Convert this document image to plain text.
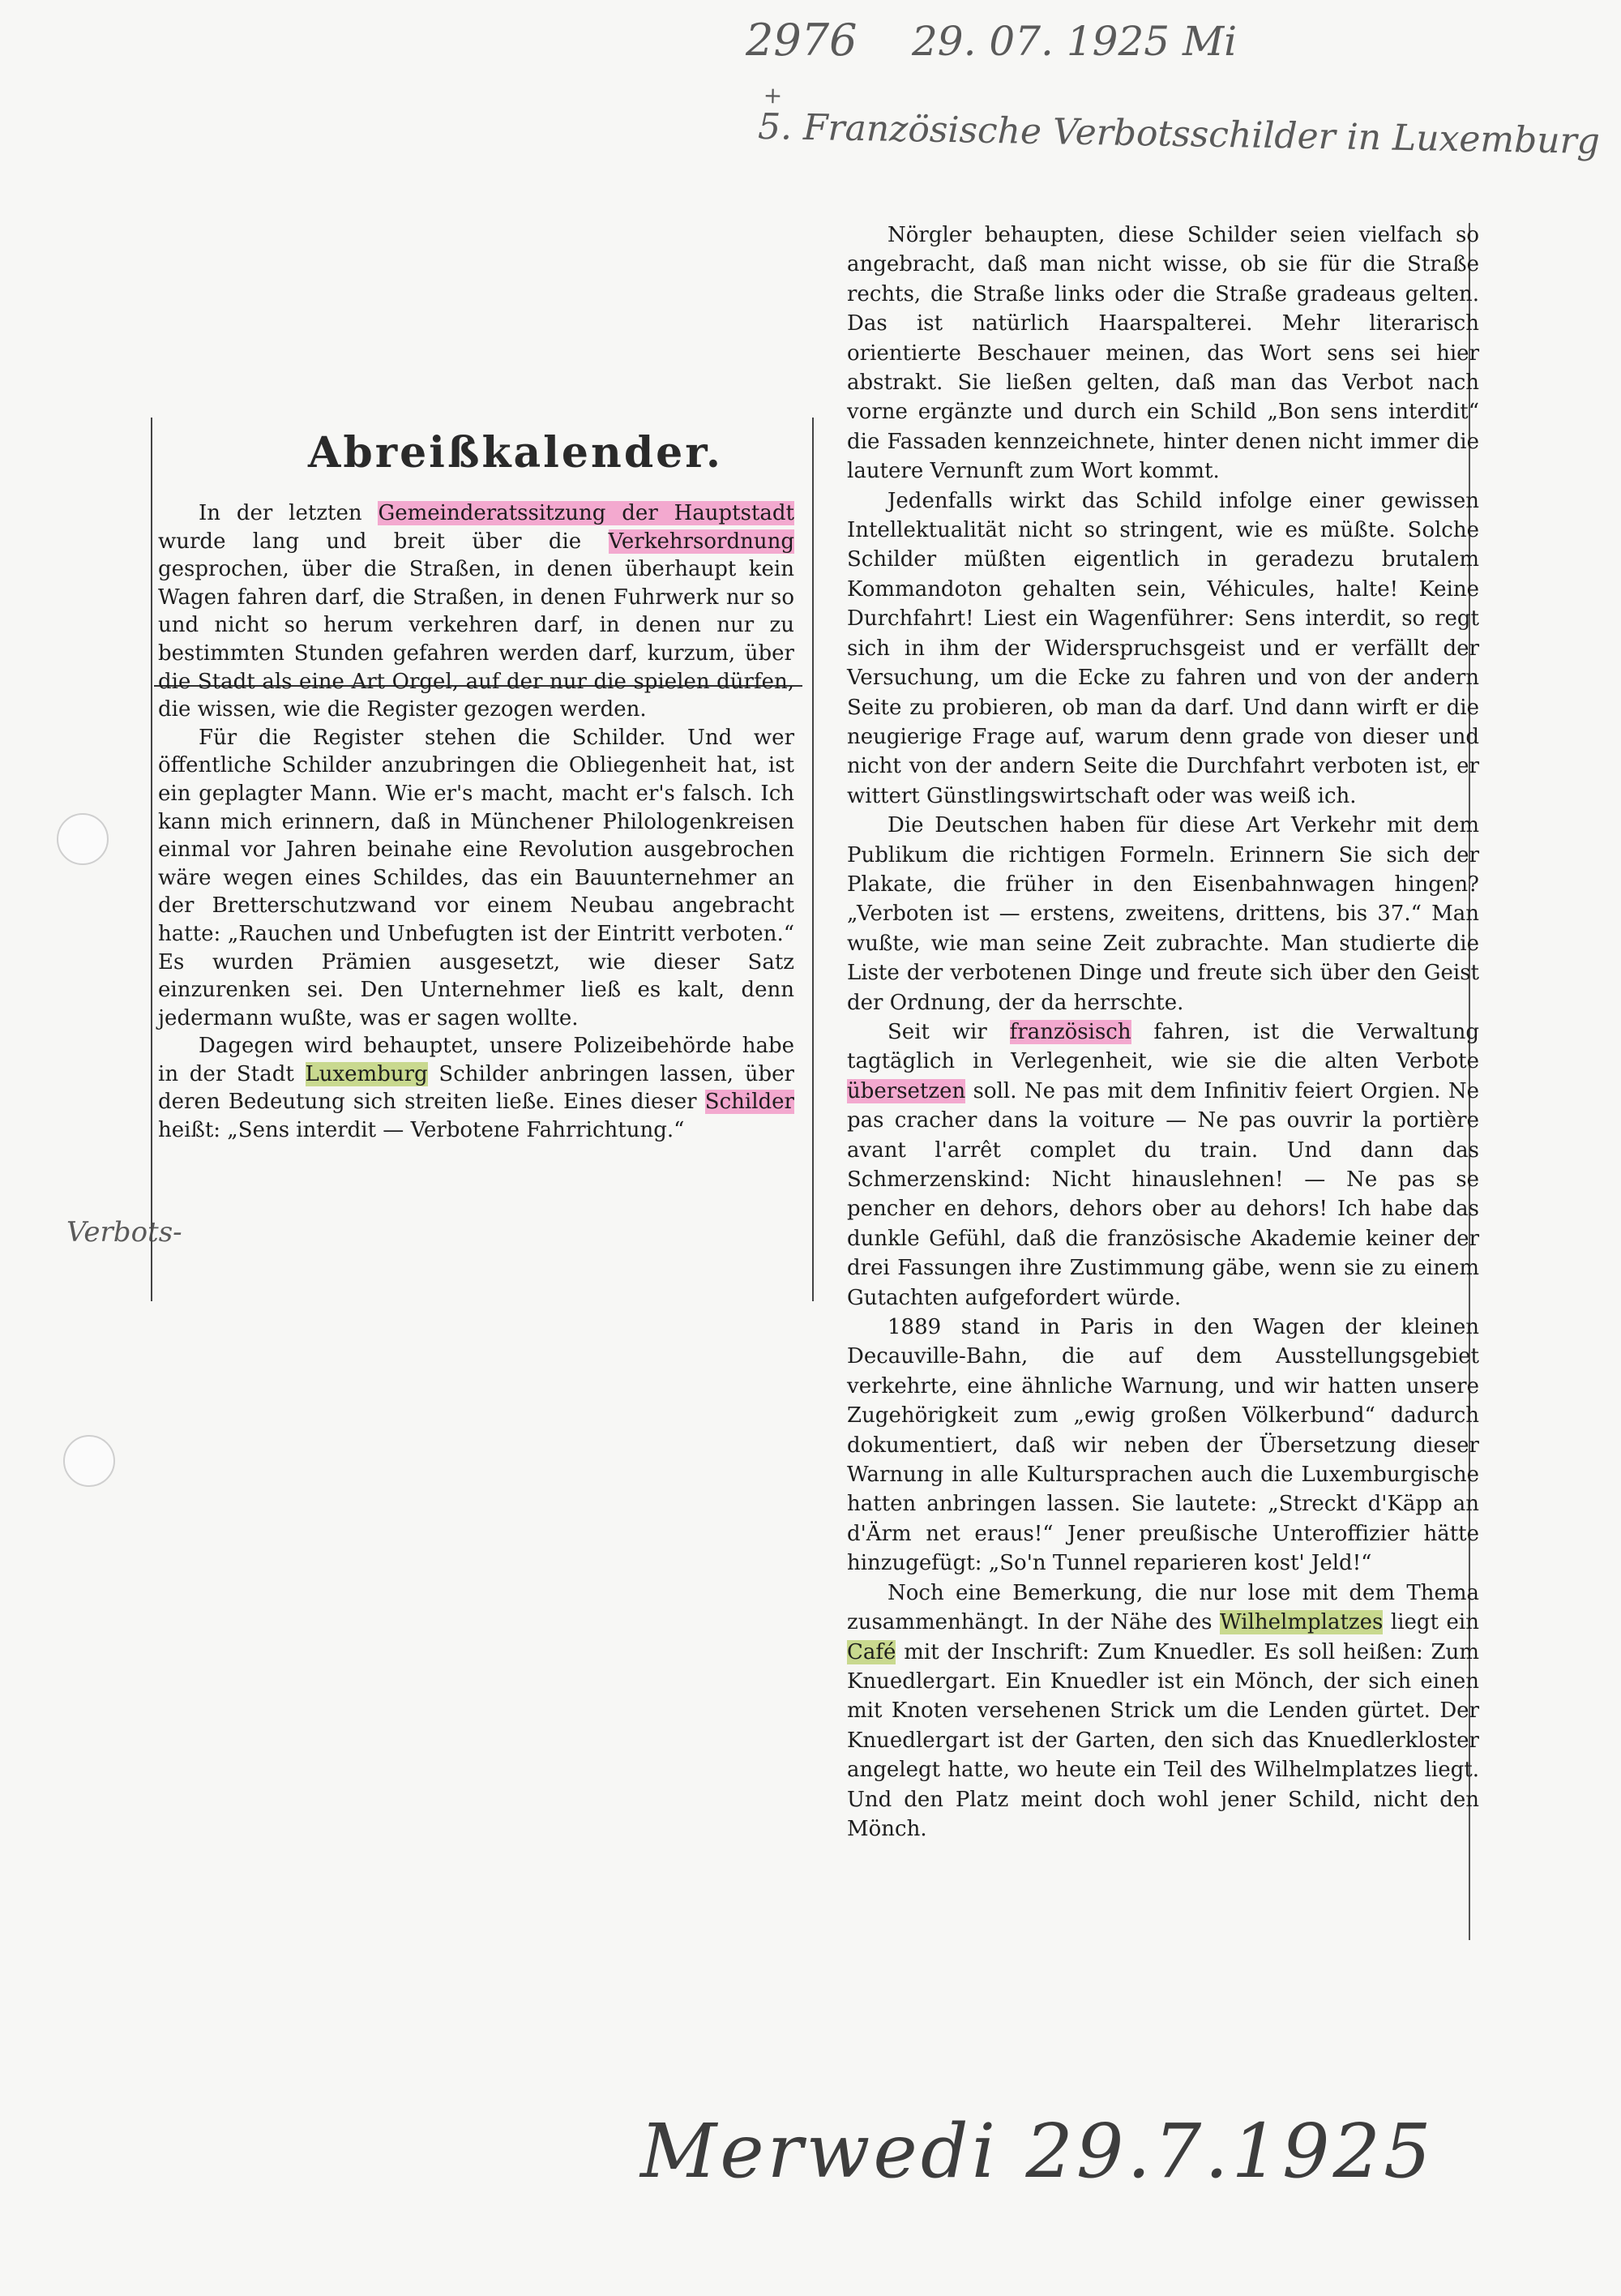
2976 29. 07. 1925 Mi
+
5. Französische Verbotsschilder in Luxemburg
Verbots-
Merwedi 29.7.1925
Abreißkalender.

In der letzten Gemeinderatssitzung der Hauptstadt wurde lang und breit über die Verkehrsordnung gesprochen, über die Straßen, in denen überhaupt kein Wagen fahren darf, die Straßen, in denen Fuhrwerk nur so und nicht so herum verkehren darf, in denen nur zu bestimmten Stunden gefahren werden darf, kurzum, über die Stadt als eine Art Orgel, auf der nur die spielen dürfen, die wissen, wie die Register gezogen werden.

Für die Register stehen die Schilder. Und wer öffentliche Schilder anzubringen die Obliegenheit hat, ist ein geplagter Mann. Wie er's macht, macht er's falsch. Ich kann mich erinnern, daß in Münchener Philologenkreisen einmal vor Jahren beinahe eine Revolution ausgebrochen wäre wegen eines Schildes, das ein Bauunternehmer an der Bretterschutzwand vor einem Neubau angebracht hatte: „Rauchen und Unbefugten ist der Eintritt verboten.“ Es wurden Prämien ausgesetzt, wie dieser Satz einzurenken sei. Den Unternehmer ließ es kalt, denn jedermann wußte, was er sagen wollte.

Dagegen wird behauptet, unsere Polizeibehörde habe in der Stadt Luxemburg Schilder anbringen lassen, über deren Bedeutung sich streiten ließe. Eines dieser Schilder heißt: „Sens interdit — Verbotene Fahrrichtung.“

Nörgler behaupten, diese Schilder seien vielfach so angebracht, daß man nicht wisse, ob sie für die Straße rechts, die Straße links oder die Straße gradeaus gelten. Das ist natürlich Haarspalterei. Mehr literarisch orientierte Beschauer meinen, das Wort sens sei hier abstrakt. Sie ließen gelten, daß man das Verbot nach vorne ergänzte und durch ein Schild „Bon sens interdit“ die Fassaden kennzeichnete, hinter denen nicht immer die lautere Vernunft zum Wort kommt.

Jedenfalls wirkt das Schild infolge einer gewissen Intellektualität nicht so stringent, wie es müßte. Solche Schilder müßten eigentlich in geradezu brutalem Kommandoton gehalten sein, Véhicules, halte! Keine Durchfahrt! Liest ein Wagenführer: Sens interdit, so regt sich in ihm der Widerspruchsgeist und er verfällt der Versuchung, um die Ecke zu fahren und von der andern Seite zu probieren, ob man da darf. Und dann wirft er die neugierige Frage auf, warum denn grade von dieser und nicht von der andern Seite die Durchfahrt verboten ist, er wittert Günstlingswirtschaft oder was weiß ich.

Die Deutschen haben für diese Art Verkehr mit dem Publikum die richtigen Formeln. Erinnern Sie sich der Plakate, die früher in den Eisenbahnwagen hingen? „Verboten ist — erstens, zweitens, drittens, bis 37.“ Man wußte, wie man seine Zeit zubrachte. Man studierte die Liste der verbotenen Dinge und freute sich über den Geist der Ordnung, der da herrschte.

Seit wir französisch fahren, ist die Verwaltung tagtäglich in Verlegenheit, wie sie die alten Verbote übersetzen soll. Ne pas mit dem Infinitiv feiert Orgien. Ne pas cracher dans la voiture — Ne pas ouvrir la portière avant l'arrêt complet du train. Und dann das Schmerzenskind: Nicht hinauslehnen! — Ne pas se pencher en dehors, dehors ober au dehors! Ich habe das dunkle Gefühl, daß die französische Akademie keiner der drei Fassungen ihre Zustimmung gäbe, wenn sie zu einem Gutachten aufgefordert würde.

1889 stand in Paris in den Wagen der kleinen Decauville-Bahn, die auf dem Ausstellungsgebiet verkehrte, eine ähnliche Warnung, und wir hatten unsere Zugehörigkeit zum „ewig großen Völkerbund“ dadurch dokumentiert, daß wir neben der Übersetzung dieser Warnung in alle Kultursprachen auch die Luxemburgische hatten anbringen lassen. Sie lautete: „Streckt d'Käpp an d'Ärm net eraus!“ Jener preußische Unteroffizier hätte hinzugefügt: „So'n Tunnel reparieren kost' Jeld!“

Noch eine Bemerkung, die nur lose mit dem Thema zusammenhängt. In der Nähe des Wilhelmplatzes liegt ein Café mit der Inschrift: Zum Knuedler. Es soll heißen: Zum Knuedlergart. Ein Knuedler ist ein Mönch, der sich einen mit Knoten versehenen Strick um die Lenden gürtet. Der Knuedlergart ist der Garten, den sich das Knuedlerkloster angelegt hatte, wo heute ein Teil des Wilhelmplatzes liegt. Und den Platz meint doch wohl jener Schild, nicht den Mönch.
